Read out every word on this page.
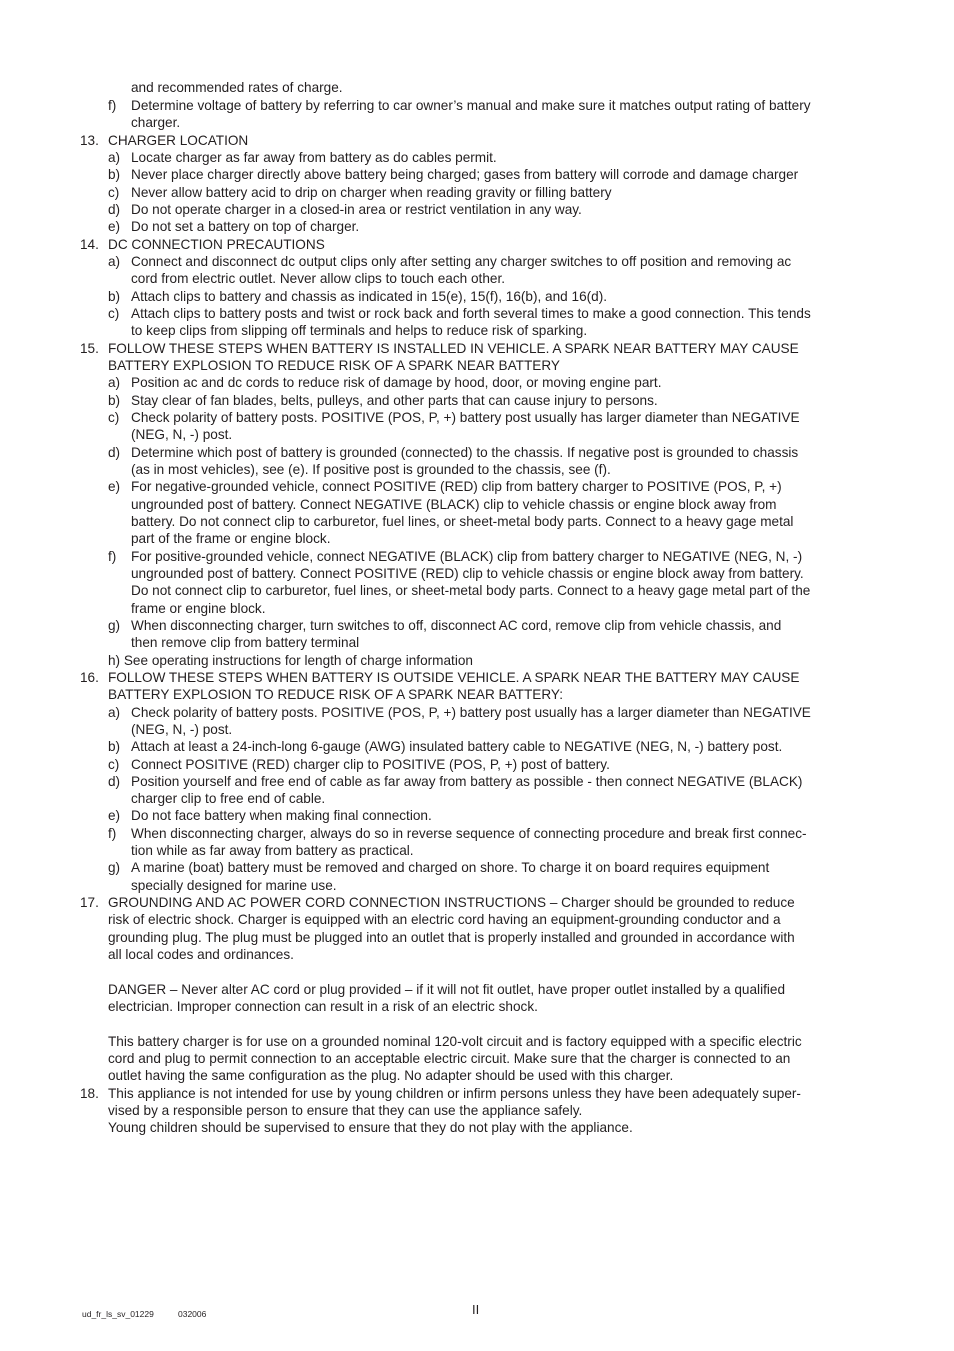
and recommended rates of charge.
f)	Determine voltage of battery by referring to car owner’s manual and make sure it matches output rating of battery
charger.
13. CHARGER LOCATION
a) Locate charger as far away from battery as do cables permit.
b) Never place charger directly above battery being charged; gases from battery will corrode and damage charger
c) Never allow battery acid to drip on charger when reading gravity or filling battery
d) Do not operate charger in a closed-in area or restrict ventilation in any way.
e) Do not set a battery on top of charger.
14. DC CONNECTION PRECAUTIONS
a) Connect and disconnect dc output clips only after setting any charger switches to off position and removing ac
cord from electric outlet. Never allow clips to touch each other.
b) Attach clips to battery and chassis as indicated in 15(e), 15(f), 16(b), and 16(d).
c) Attach clips to battery posts and twist or rock back and forth several times to make a good connection. This tends
to keep clips from slipping off terminals and helps to reduce risk of sparking.
15. FOLLOW THESE STEPS WHEN BATTERY IS INSTALLED IN VEHICLE. A SPARK NEAR BATTERY MAY CAUSE
BATTERY EXPLOSION TO REDUCE RISK OF A SPARK NEAR BATTERY
a) Position ac and dc cords to reduce risk of damage by hood, door, or moving engine part.
b) Stay clear of fan blades, belts, pulleys, and other parts that can cause injury to persons.
c) Check polarity of battery posts. POSITIVE (POS, P, +) battery post usually has larger diameter than NEGATIVE
(NEG, N, -) post.
d) Determine which post of battery is grounded (connected) to the chassis. If negative post is grounded to chassis
(as in most vehicles), see (e). If positive post is grounded to the chassis, see (f).
e) For negative-grounded vehicle, connect POSITIVE (RED) clip from battery charger to POSITIVE (POS, P, +)
ungrounded post of battery. Connect NEGATIVE (BLACK) clip to vehicle chassis or engine block away from
battery. Do not connect clip to carburetor, fuel lines, or sheet-metal body parts. Connect to a heavy gage metal
part of the frame or engine block.
f)	For positive-grounded vehicle, connect NEGATIVE (BLACK) clip from battery charger to NEGATIVE (NEG, N, -)
ungrounded post of battery. Connect POSITIVE (RED) clip to vehicle chassis or engine block away from battery.
Do not connect clip to carburetor, fuel lines, or sheet-metal body parts. Connect to a heavy gage metal part of the
frame or engine block.
g) When disconnecting charger, turn switches to off, disconnect AC cord, remove clip from vehicle chassis, and
then remove clip from battery terminal
h) See operating instructions for length of charge information
16. FOLLOW THESE STEPS WHEN BATTERY IS OUTSIDE VEHICLE. A SPARK NEAR THE BATTERY MAY CAUSE
BATTERY EXPLOSION TO REDUCE RISK OF A SPARK NEAR BATTERY:
a) Check polarity of battery posts. POSITIVE (POS, P, +) battery post usually has a larger diameter than NEGATIVE
(NEG, N, -) post.
b) Attach at least a 24-inch-long 6-gauge (AWG) insulated battery cable to NEGATIVE (NEG, N, -) battery post.
c) Connect POSITIVE (RED) charger clip to POSITIVE (POS, P, +) post of battery.
d) Position yourself and free end of cable as far away from battery as possible - then connect NEGATIVE (BLACK)
charger clip to free end of cable.
e) Do not face battery when making final connection.
f)	When disconnecting charger, always do so in reverse sequence of connecting procedure and break first connec-
tion while as far away from battery as practical.
g) A marine (boat) battery must be removed and charged on shore. To charge it on board requires equipment
specially designed for marine use.
17. GROUNDING AND AC POWER CORD CONNECTION INSTRUCTIONS – Charger should be grounded to reduce
risk of electric shock. Charger is equipped with an electric cord having an equipment-grounding conductor and a
grounding plug. The plug must be plugged into an outlet that is properly installed and grounded in accordance with
all local codes and ordinances.
DANGER – Never alter AC cord or plug provided – if it will not fit outlet, have proper outlet installed by a qualified
electrician. Improper connection can result in a risk of an electric shock.
This battery charger is for use on a grounded nominal 120-volt circuit and is factory equipped with a specific electric
cord and plug to permit connection to an acceptable electric circuit. Make sure that the charger is connected to an
outlet having the same configuration as the plug. No adapter should be used with this charger.
18. This appliance is not intended for use by young children or infirm persons unless they have been adequately super-
vised by a responsible person to ensure that they can use the appliance safely.
Young children should be supervised to ensure that they do not play with the appliance.
ud_fr_ls_sv_01229	032006	II
